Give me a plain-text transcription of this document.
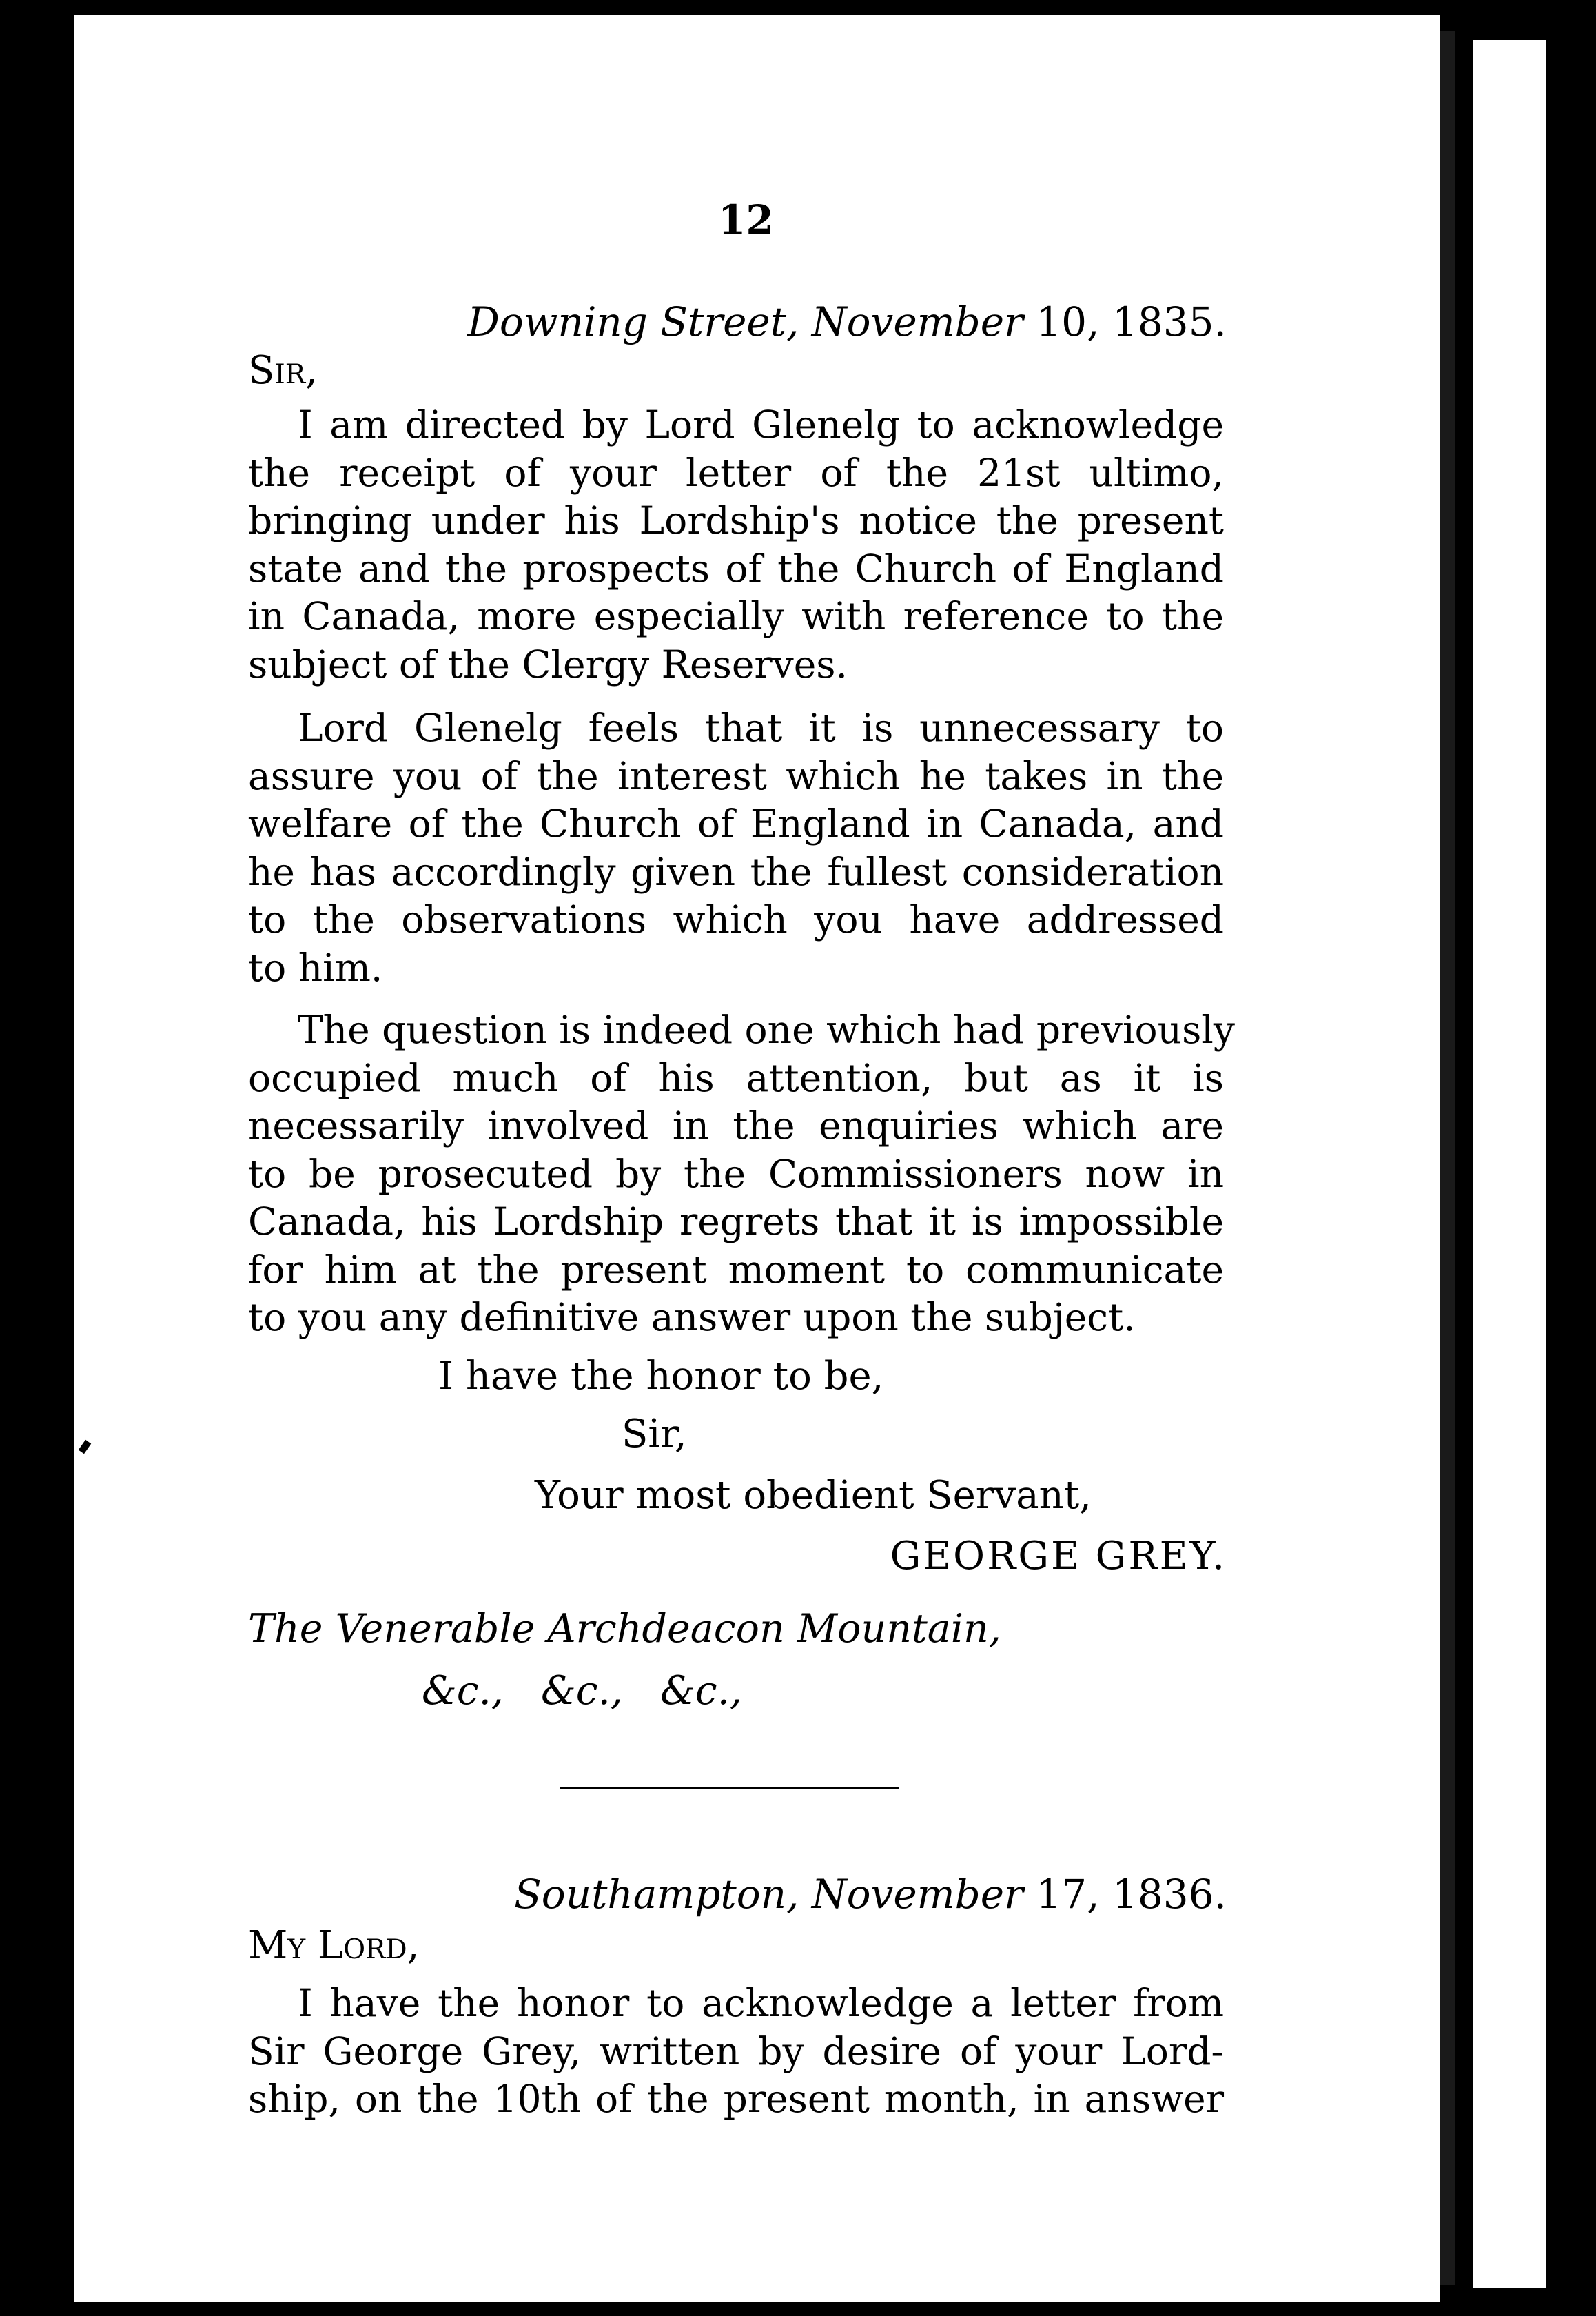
12
Downing Street, November 10, 1835.
Sir,
I am directed by Lord Glenelg to acknowledge
the receipt of your letter of the 21st ultimo,
bringing under his Lordship's notice the present
state and the prospects of the Church of England
in Canada, more especially with reference to the
subject of the Clergy Reserves.
Lord Glenelg feels that it is unnecessary to
assure you of the interest which he takes in the
welfare of the Church of England in Canada, and
he has accordingly given the fullest consideration
to the observations which you have addressed
to him.
The question is indeed one which had previously
occupied much of his attention, but as it is
necessarily involved in the enquiries which are
to be prosecuted by the Commissioners now in
Canada, his Lordship regrets that it is impossible
for him at the present moment to communicate
to you any definitive answer upon the subject.
I have the honor to be,
Sir,
Your most obedient Servant,
GEORGE GREY.
The Venerable Archdeacon Mountain,
&c., &c., &c.,
Southampton, November 17, 1836.
My Lord,
I have the honor to acknowledge a letter from
Sir George Grey, written by desire of your Lord-
ship, on the 10th of the present month, in answer
